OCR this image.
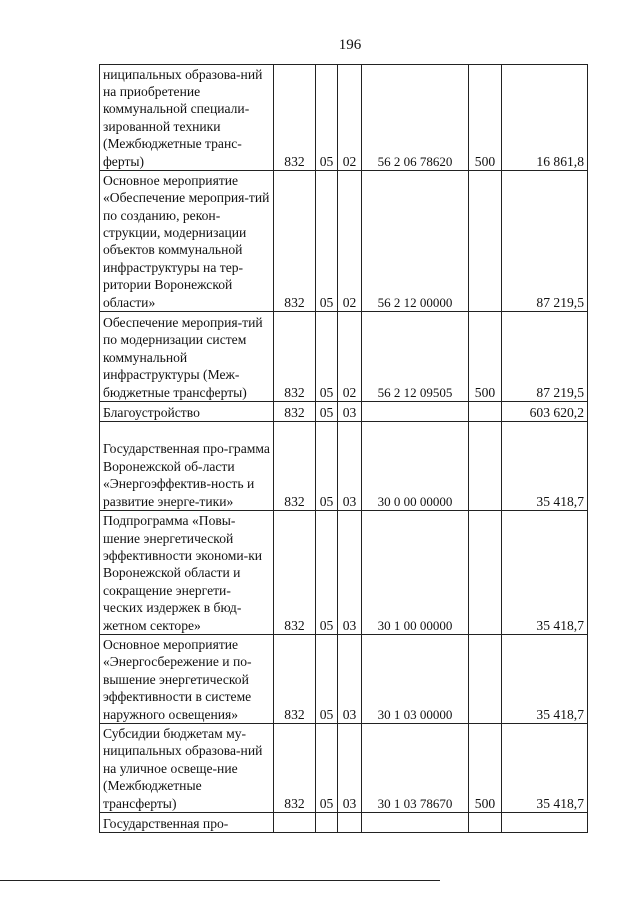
196
ниципальных образова-ний на приобретение коммунальной специали-зированной техники (Межбюджетные транс-ферты)	832	05	02	56 2 06 78620	500	16 861,8

Основное мероприятие «Обеспечение мероприя-тий по созданию, рекон-струкции, модернизации объектов коммунальной инфраструктуры на тер-ритории Воронежской области»	832	05	02	56 2 12 00000		87 219,5

Обеспечение мероприя-тий по модернизации систем коммунальной инфраструктуры (Меж-бюджетные трансферты)	832	05	02	56 2 12 09505	500	87 219,5

Благоустройство	832	05	03			603 620,2

Государственная про-грамма Воронежской об-ласти «Энергоэффектив-ность и развитие энерге-тики»	832	05	03	30 0 00 00000		35 418,7

Подпрограмма «Повы-шение энергетической эффективности экономи-ки Воронежской области и сокращение энергети-ческих издержек в бюд-жетном секторе»	832	05	03	30 1 00 00000		35 418,7

Основное мероприятие «Энергосбережение и по-вышение энергетической эффективности в системе наружного освещения»	832	05	03	30 1 03 00000		35 418,7

Субсидии бюджетам му-ниципальных образова-ний на уличное освеще-ние (Межбюджетные трансферты)	832	05	03	30 1 03 78670	500	35 418,7

Государственная про-						
